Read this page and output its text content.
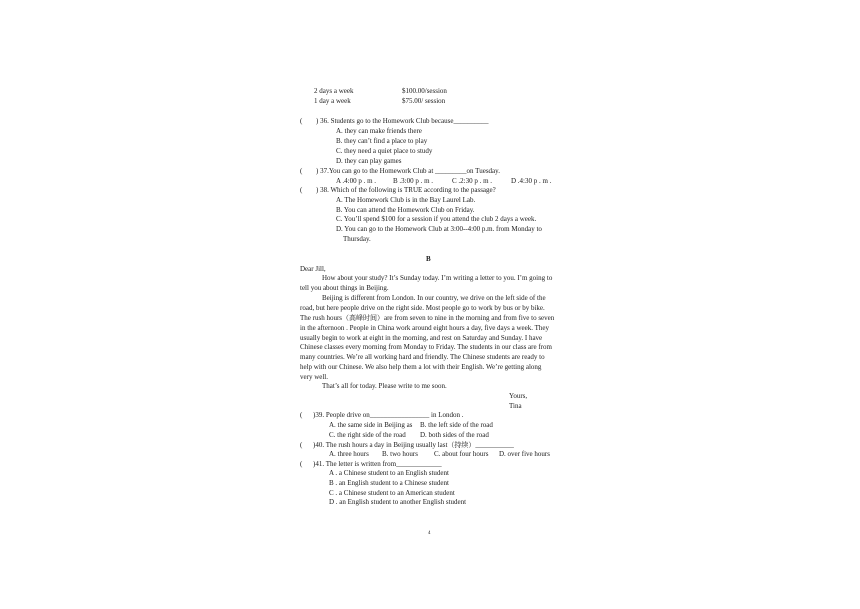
2 days a week	$100.00/session
1 day a week	$75.00/ session
( ) 36. Students go to the Homework Club because__________
A. they can make friends there
B. they can’t find a place to play
C. they need a quiet place to study
D. they can play games
( ) 37.You can go to the Homework Club at _________on Tuesday.
A .4:00 p . m . B .3:00 p . m .	C .2:30 p . m .	D .4:30 p . m .
( ) 38. Which of the following is TRUE according to the passage?
A. The Homework Club is in the Bay Laurel Lab.
B. You can attend the Homework Club on Friday.
C. You’ll spend $100 for a session if you attend the club 2 days a week.
D. You can go to the Homework Club at 3:00--4:00 p.m. from Monday to
Thursday.
B
Dear Jill,
How about your study? It’s Sunday today. I’m writing a letter to you. I’m going to
tell you about things in Beijing.
Beijing is different from London. In our country, we drive on the left side of the
road, but here people drive on the right side. Most people go to work by bus or by bike.
The rush hours（高峰时间）are from seven to nine in the morning and from five to seven
in the afternoon . People in China work around eight hours a day, five days a week. They
usually begin to work at eight in the morning, and rest on Saturday and Sunday. I have
Chinese classes every morning from Monday to Friday. The students in our class are from
many countries. We’re all working hard and friendly. The Chinese students are ready to
help with our Chinese. We also help them a lot with their English. We’re getting along
very well.
That’s all for today. Please write to me soon.
Yours,
Tina
( )39. People drive on_________________ in London .
A. the same side in Beijing as B. the left side of the road
C. the right side of the road D. both sides of the road
( )40. The rush hours a day in Beijing usually last（持续）___________
A. three hours B. two hours C. about four hours D. over five hours
( )41. The letter is written from_____________
A . a Chinese student to an English student
B . an English student to a Chinese student
C . a Chinese student to an American student
D . an English student to another English student
4
